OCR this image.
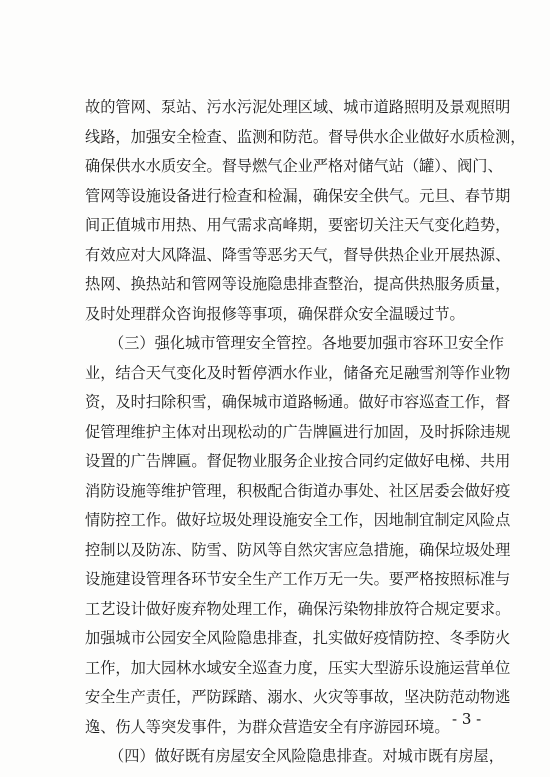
故的管网、泵站、污水污泥处理区域、城市道路照明及景观照明
线路，加强安全检查、监测和防范。督导供水企业做好水质检测，
确保供水水质安全。督导燃气企业严格对储气站（罐）、阀门、
管网等设施设备进行检查和检漏，确保安全供气。元旦、春节期
间正值城市用热、用气需求高峰期，要密切关注天气变化趋势，
有效应对大风降温、降雪等恶劣天气，督导供热企业开展热源、
热网、换热站和管网等设施隐患排查整治，提高供热服务质量，
及时处理群众咨询报修等事项，确保群众安全温暖过节。
（三）强化城市管理安全管控。各地要加强市容环卫安全作
业，结合天气变化及时暂停洒水作业，储备充足融雪剂等作业物
资，及时扫除积雪，确保城市道路畅通。做好市容巡查工作，督
促管理维护主体对出现松动的广告牌匾进行加固，及时拆除违规
设置的广告牌匾。督促物业服务企业按合同约定做好电梯、共用
消防设施等维护管理，积极配合街道办事处、社区居委会做好疫
情防控工作。做好垃圾处理设施安全工作，因地制宜制定风险点
控制以及防冻、防雪、防风等自然灾害应急措施，确保垃圾处理
设施建设管理各环节安全生产工作万无一失。要严格按照标准与
工艺设计做好废弃物处理工作，确保污染物排放符合规定要求。
加强城市公园安全风险隐患排查，扎实做好疫情防控、冬季防火
工作，加大园林水域安全巡查力度，压实大型游乐设施运营单位
安全生产责任，严防踩踏、溺水、火灾等事故，坚决防范动物逃
逸、伤人等突发事件，为群众营造安全有序游园环境。
（四）做好既有房屋安全风险隐患排查。对城市既有房屋，
- 3 -
